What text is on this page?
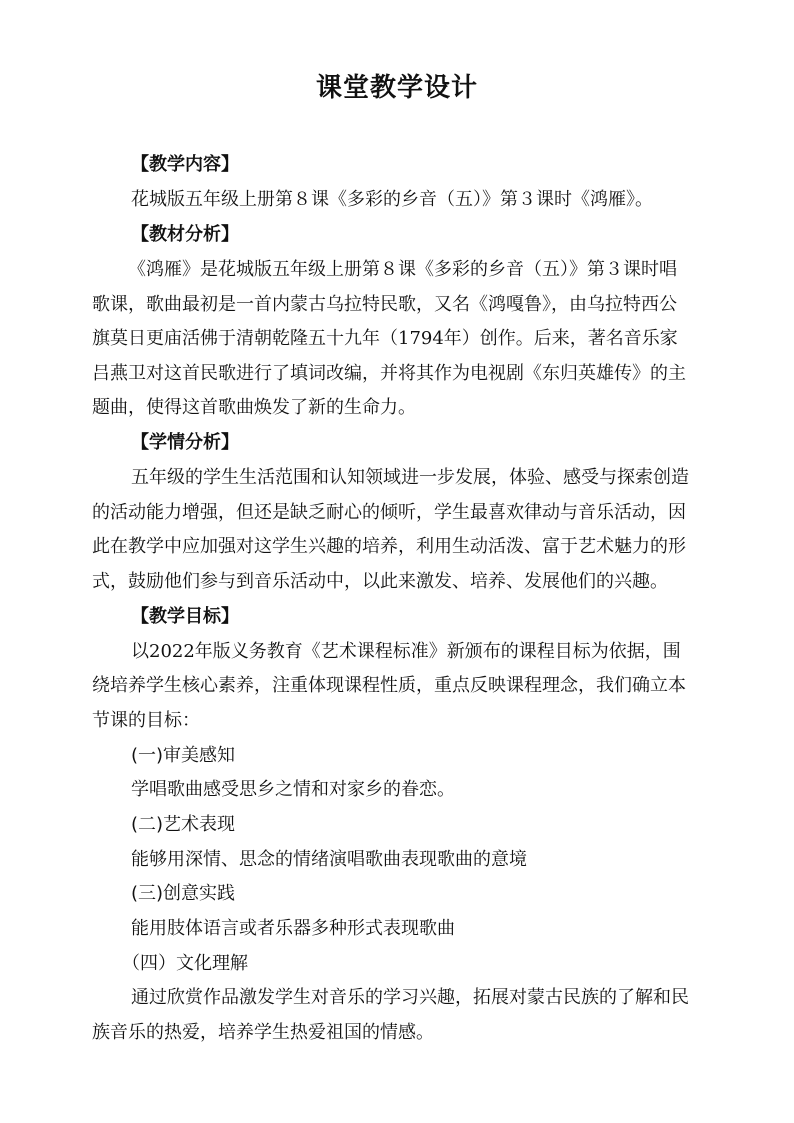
课堂教学设计
【教学内容】
花城版五年级上册第８课《多彩的乡音（五）》第３课时《鸿雁》。
【教材分析】
《鸿雁》是花城版五年级上册第８课《多彩的乡音（五）》第３课时唱
歌课，歌曲最初是一首内蒙古乌拉特民歌，又名《鸿嘎鲁》，由乌拉特西公
旗莫日更庙活佛于清朝乾隆五十九年（1794年）创作。后来，著名音乐家
吕燕卫对这首民歌进行了填词改编，并将其作为电视剧《东归英雄传》的主
题曲，使得这首歌曲焕发了新的生命力。
【学情分析】
五年级的学生生活范围和认知领域进一步发展，体验、感受与探索创造
的活动能力增强，但还是缺乏耐心的倾听，学生最喜欢律动与音乐活动，因
此在教学中应加强对这学生兴趣的培养，利用生动活泼、富于艺术魅力的形
式，鼓励他们参与到音乐活动中，以此来激发、培养、发展他们的兴趣。
【教学目标】
以2022年版义务教育《艺术课程标准》新颁布的课程目标为依据，围
绕培养学生核心素养，注重体现课程性质，重点反映课程理念，我们确立本
节课的目标：
(一)审美感知
学唱歌曲感受思乡之情和对家乡的眷恋。
(二)艺术表现
能够用深情、思念的情绪演唱歌曲表现歌曲的意境
(三)创意实践
能用肢体语言或者乐器多种形式表现歌曲
（四）文化理解
通过欣赏作品激发学生对音乐的学习兴趣，拓展对蒙古民族的了解和民
族音乐的热爱，培养学生热爱祖国的情感。
